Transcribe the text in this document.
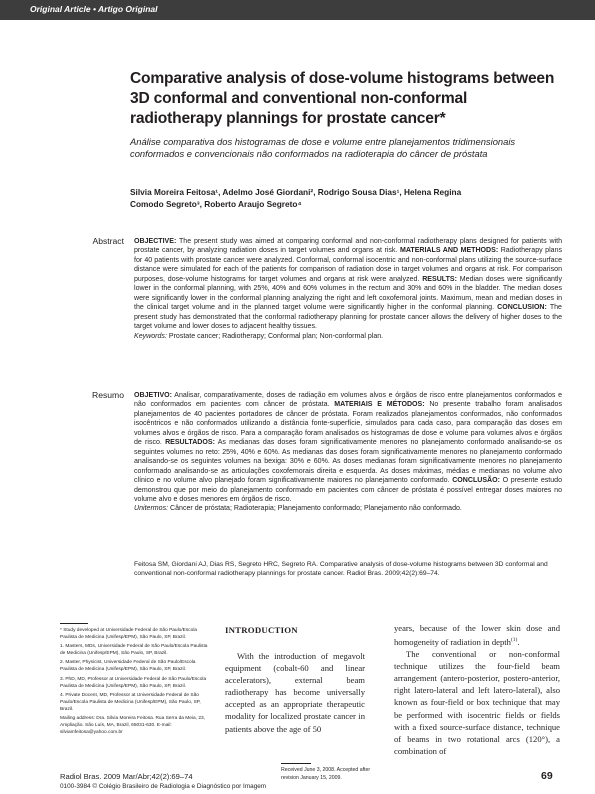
Original Article • Artigo Original
Comparative analysis of dose-volume histograms between 3D conformal and conventional non-conformal radiotherapy plannings for prostate cancer*

Análise comparativa dos histogramas de dose e volume entre planejamentos tridimensionais conformados e convencionais não conformados na radioterapia do câncer de próstata

Silvia Moreira Feitosa¹, Adelmo José Giordani², Rodrigo Sousa Dias¹, Helena Regina
Comodo Segreto³, Roberto Araujo Segreto⁴
Abstract OBJECTIVE: The present study was aimed at comparing conformal and non-conformal radiotherapy plans designed for patients with prostate cancer, by analyzing radiation doses in target volumes and organs at risk. MATERIALS AND METHODS: Radiotherapy plans for 40 patients with prostate cancer were analyzed. Conformal, conformal isocentric and non-conformal plans utilizing the source-surface distance were simulated for each of the patients for comparison of radiation dose in target volumes and organs at risk. For comparison purposes, dose-volume histograms for target volumes and organs at risk were analyzed. RESULTS: Median doses were significantly lower in the conformal planning, with 25%, 40% and 60% volumes in the rectum and 30% and 60% in the bladder. The median doses were significantly lower in the conformal planning analyzing the right and left coxofemoral joints. Maximum, mean and median doses in the clinical target volume and in the planned target volume were significantly higher in the conformal planning. CONCLUSION: The present study has demonstrated that the conformal radiotherapy planning for prostate cancer allows the delivery of higher doses to the target volume and lower doses to adjacent healthy tissues.
Keywords: Prostate cancer; Radiotherapy; Conformal plan; Non-conformal plan.
Resumo OBJETIVO: Analisar, comparativamente, doses de radiação em volumes alvos e órgãos de risco entre planejamentos conformados e não conformados em pacientes com câncer de próstata. MATERIAIS E MÉTODOS: No presente trabalho foram analisados planejamentos de 40 pacientes portadores de câncer de próstata. Foram realizados planejamentos conformados, não conformados isocêntricos e não conformados utilizando a distância fonte-superfície, simulados para cada caso, para comparação das doses em volumes alvos e órgãos de risco. Para a comparação foram analisados os histogramas de dose e volume para volumes alvos e órgãos de risco. RESULTADOS: As medianas das doses foram significativamente menores no planejamento conformado analisando-se os seguintes volumes no reto: 25%, 40% e 60%. As medianas das doses foram significativamente menores no planejamento conformado analisando-se os seguintes volumes na bexiga: 30% e 60%. As doses medianas foram significativamente menores no planejamento conformado analisando-se as articulações coxofemorais direita e esquerda. As doses máximas, médias e medianas no volume alvo clínico e no volume alvo planejado foram significativamente maiores no planejamento conformado. CONCLUSÃO: O presente estudo demonstrou que por meio do planejamento conformado em pacientes com câncer de próstata é possível entregar doses maiores no volume alvo e doses menores em órgãos de risco.
Unitermos: Câncer de próstata; Radioterapia; Planejamento conformado; Planejamento não conformado.

Feitosa SM, Giordani AJ, Dias RS, Segreto HRC, Segreto RA. Comparative analysis of dose-volume histograms between 3D conformal and conventional non-conformal radiotherapy plannings for prostate cancer. Radiol Bras. 2009;42(2):69–74.

* Study developed at Universidade Federal de São Paulo/Escola Paulista de Medicina (Unifesp/EPM), São Paulo, SP, Brazil.

1. Masters, MDs, Universidade Federal de São Paulo/Escola Paulista de Medicina (Unifesp/EPM), São Paulo, SP, Brazil.

2. Master, Physicist, Universidade Federal de São Paulo/Escola Paulista de Medicina (Unifesp/EPM), São Paulo, SP, Brazil.

3. PhD, MD, Professor at Universidade Federal de São Paulo/Escola Paulista de Medicina (Unifesp/EPM), São Paulo, SP, Brazil.

4. Private Docent, MD, Professor at Universidade Federal de São Paulo/Escola Paulista de Medicina (Unifesp/EPM), São Paulo, SP, Brazil.

Mailing address: Dra. Silvia Moreira Feitosa. Rua Serra da Meia, 23, Ampliação. São Luís, MA, Brazil, 65031-630. E-mail: silviamfeitosa@yahoo.com.br

INTRODUCTION

With the introduction of megavolt equipment (cobalt-60 and linear accelerators), external beam radiotherapy has become universally accepted as an appropriate therapeutic modality for localized prostate cancer in patients above the age of 50

years, because of the lower skin dose and homogeneity of radiation in depth$^{(1)}$.

The conventional or non-conformal technique utilizes the four-field beam arrangement (antero-posterior, postero-anterior, right latero-lateral and left latero-lateral), also known as four-field or box technique that may be performed with isocentric fields or fields with a fixed source-surface distance, technique of beams in two rotational arcs (120°), a combination of

Received June 3, 2008. Accepted after revision January 15, 2009.

Radiol Bras. 2009 Mar/Abr;42(2):69–74
0100-3984 © Colégio Brasileiro de Radiologia e Diagnóstico por Imagem
69
